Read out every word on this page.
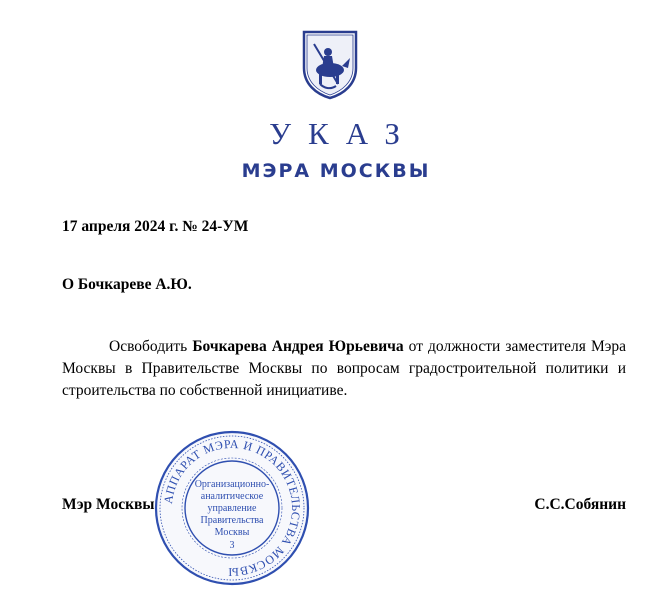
УКАЗ
МЭРА МОСКВЫ
17 апреля 2024 г. № 24-УМ
О Бочкареве А.Ю.
Освободить Бочкарева Андрея Юрьевича от должности заместителя Мэра Москвы в Правительстве Москвы по вопросам градостроительной политики и строительства по собственной инициативе.
Мэр Москвы	С.С.Собянин
АППАРАТ МЭРА И ПРАВИТЕЛЬСТВА МОСКВЫ
Организационно-
аналитическое
управление
Правительства
Москвы
3
